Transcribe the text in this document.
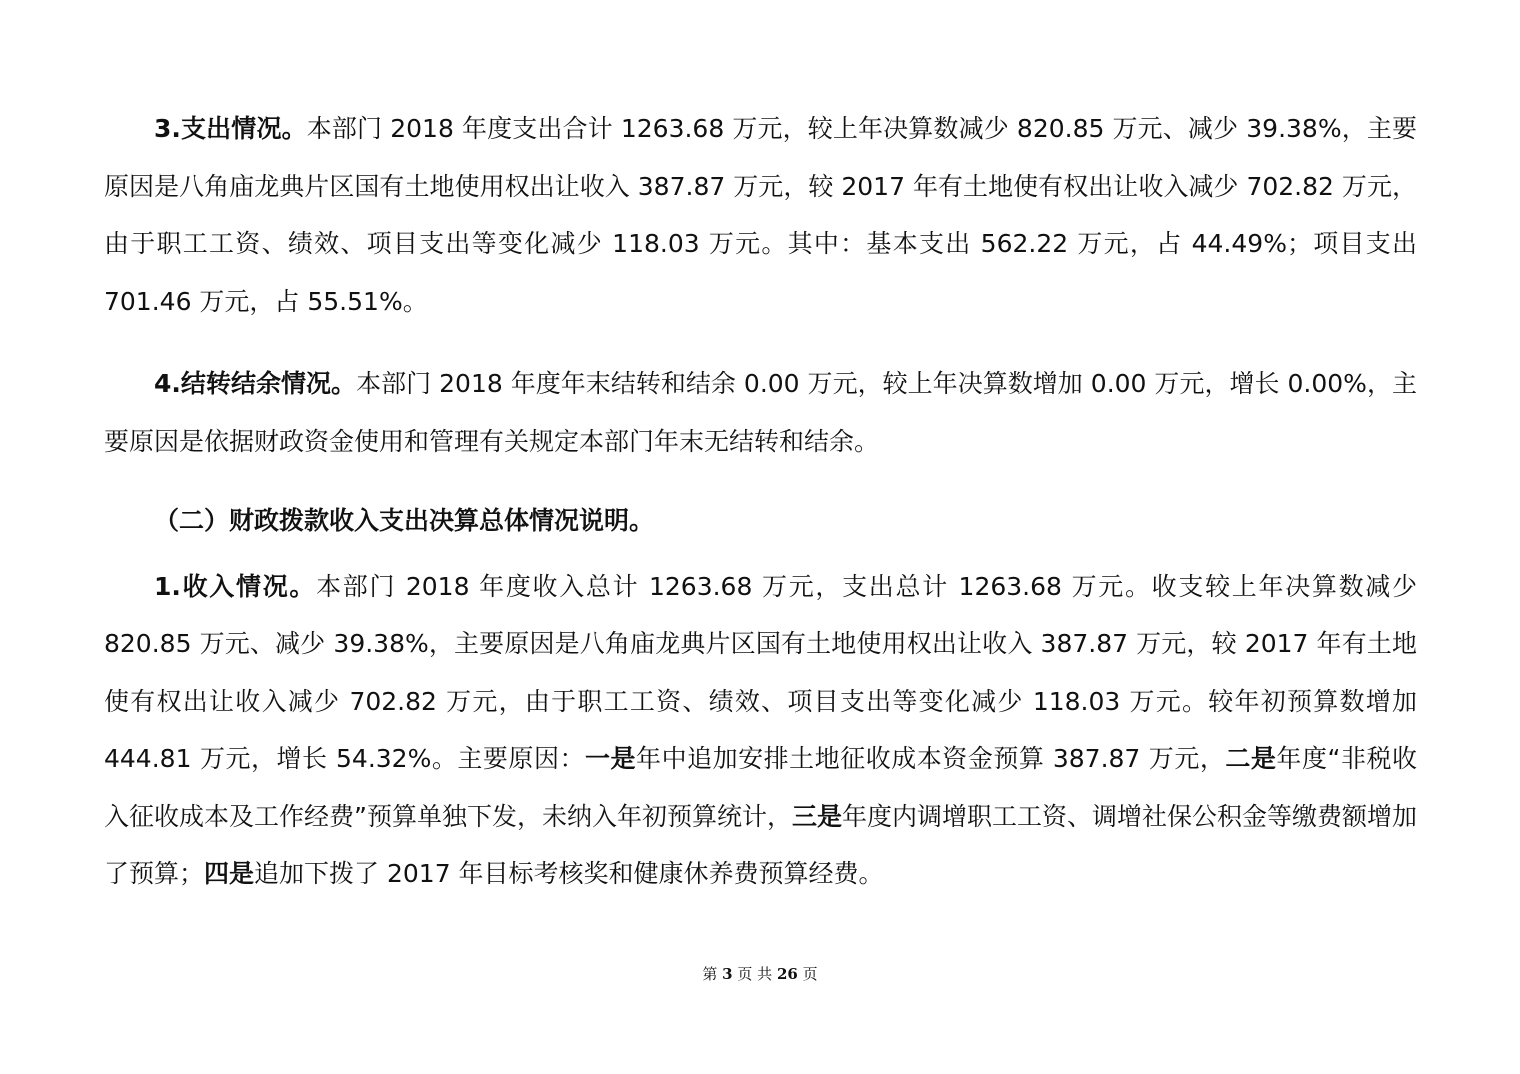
3.支出情况。本部门 2018 年度支出合计 1263.68 万元，较上年决算数减少 820.85 万元、减少 39.38%，主要原因是八角庙龙典片区国有土地使用权出让收入 387.87 万元，较 2017 年有土地使有权出让收入减少 702.82 万元，由于职工工资、绩效、项目支出等变化减少 118.03 万元。其中：基本支出 562.22 万元，占 44.49%；项目支出 701.46 万元，占 55.51%。

4.结转结余情况。本部门 2018 年度年末结转和结余 0.00 万元，较上年决算数增加 0.00 万元，增长 0.00%，主要原因是依据财政资金使用和管理有关规定本部门年末无结转和结余。

（二）财政拨款收入支出决算总体情况说明。

1.收入情况。本部门 2018 年度收入总计 1263.68 万元，支出总计 1263.68 万元。收支较上年决算数减少 820.85 万元、减少 39.38%，主要原因是八角庙龙典片区国有土地使用权出让收入 387.87 万元，较 2017 年有土地使有权出让收入减少 702.82 万元，由于职工工资、绩效、项目支出等变化减少 118.03 万元。较年初预算数增加 444.81 万元，增长 54.32%。主要原因：一是年中追加安排土地征收成本资金预算 387.87 万元，二是年度“非税收入征收成本及工作经费”预算单独下发，未纳入年初预算统计，三是年度内调增职工工资、调增社保公积金等缴费额增加了预算；四是追加下拨了 2017 年目标考核奖和健康休养费预算经费。

第 3 页 共 26 页
